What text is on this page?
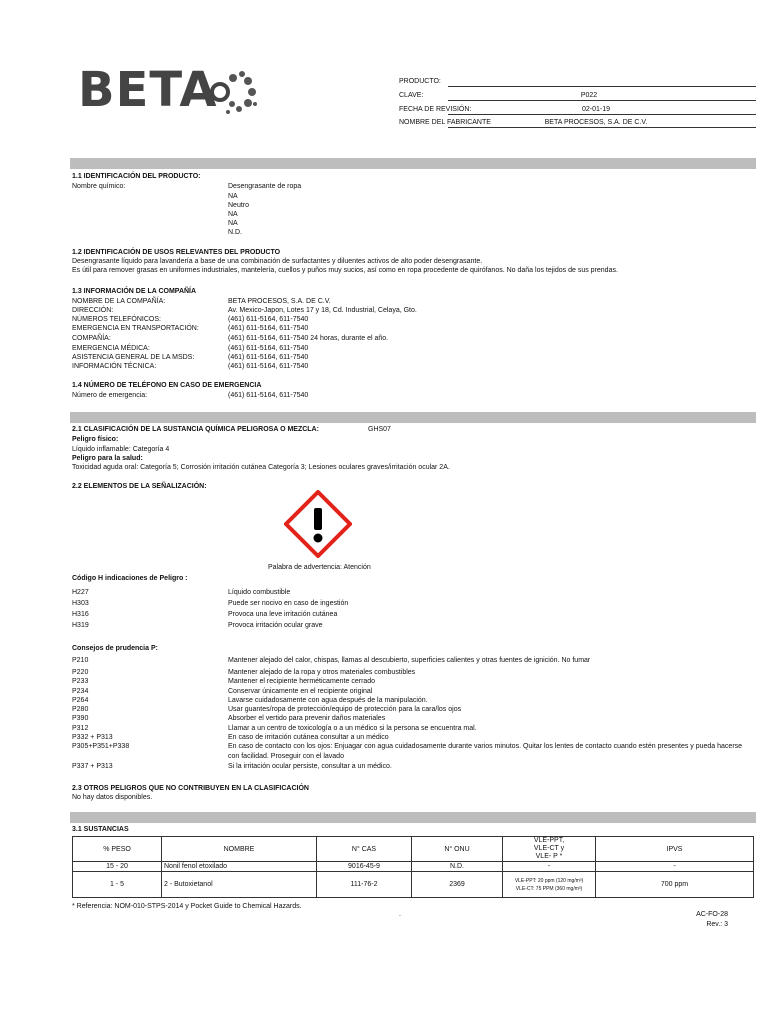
BETA	PRODUCTO:
CLAVE:	P022
FECHA DE REVISIÓN:	02-01-19
NOMBRE DEL FABRICANTE	BETA PROCESOS, S.A. DE C.V.
1.1 IDENTIFICACIÓN DEL PRODUCTO:
Nombre químico:	Desengrasante de ropa
NA
Neutro
NA
NA
N.D.
1.2 IDENTIFICACIÓN DE USOS RELEVANTES DEL PRODUCTO
Desengrasante líquido para lavandería a base de una combinación de surfactantes y diluentes activos de alto poder desengrasante.
Es útil para remover grasas en uniformes industriales, mantelería, cuellos y puños muy sucios, así como en ropa procedente de quirófanos. No daña los tejidos de sus prendas.
1.3 INFORMACIÓN DE LA COMPAÑÍA
NOMBRE DE LA COMPAÑÍA:	BETA PROCESOS, S.A. DE C.V.
DIRECCIÓN:	Av. Mexico-Japon, Lotes 17 y 18, Cd. Industrial, Celaya, Gto.
NÚMEROS TELEFÓNICOS:	(461) 611-5164, 611-7540
EMERGENCIA EN TRANSPORTACIÓN:	(461) 611-5164, 611-7540
COMPAÑÍA:	(461) 611-5164, 611-7540 24 horas, durante el año.
EMERGENCIA MÉDICA:	(461) 611-5164, 611-7540
ASISTENCIA GENERAL DE LA MSDS:	(461) 611-5164, 611-7540
INFORMACIÓN TÉCNICA:	(461) 611-5164, 611-7540
1.4 NÚMERO DE TELÉFONO EN CASO DE EMERGENCIA
Número de emergencia:	(461) 611-5164, 611-7540
2.1 CLASIFICACIÓN DE LA SUSTANCIA QUÍMICA PELIGROSA O MEZCLA:	GHS07
Peligro físico:
Líquido inflamable: Categoría 4
Peligro para la salud:
Toxicidad aguda oral: Categoría 5; Corrosión irritación cutánea Categoría 3; Lesiones oculares graves/irritación ocular 2A.
2.2 ELEMENTOS DE LA SEÑALIZACIÓN:
Palabra de advertencia: Atención
Código H indicaciones de Peligro :
H227	Líquido combustible
H303	Puede ser nocivo en caso de ingestión
H316	Provoca una leve irritación cutánea
H319	Provoca irritación ocular grave
Consejos de prudencia P:
P210	Mantener alejado del calor, chispas, llamas al descubierto, superficies calientes y otras fuentes de ignición. No fumar
P220	Mantener alejado de la ropa y otros materiales combustibles
P233	Mantener el recipiente herméticamente cerrado
P234	Conservar únicamente en el recipiente original
P264	Lavarse cuidadosamente con agua después de la manipulación.
P280	Usar guantes/ropa de protección/equipo de protección para la cara/los ojos
P390	Absorber el vertido para prevenir daños materiales
P312	Llamar a un centro de toxicología o a un médico si la persona se encuentra mal.
P332 + P313	En caso de irritación cutánea consultar a un médico
P305+P351+P338	En caso de contacto con los ojos: Enjuagar con agua cuidadosamente durante varios minutos. Quitar los lentes de contacto cuando estén presentes y pueda hacerse
con facilidad. Proseguir con el lavado
P337 + P313	Si la irritación ocular persiste, consultar a un médico.
2.3 OTROS PELIGROS QUE NO CONTRIBUYEN EN LA CLASIFICACIÓN
No hay datos disponibles.
3.1 SUSTANCIAS
% PESO	NOMBRE	N° CAS	N° ONU	VLE-PPT,
VLE-CT y
VLE- P *	IPVS
15 - 20	Nonil fenol etoxilado	9016-45-9	N.D.	-	-
1 - 5	2 - Butoxietanol	111-76-2	2369	VLE-PPT: 20 ppm (120 mg/m³)
VLE-CT: 75 PPM (360 mg/m³)	700 ppm
* Referencia: NOM-010-STPS-2014 y Pocket Guide to Chemical Hazards.
.	AC-FO-28
Rev.: 3
